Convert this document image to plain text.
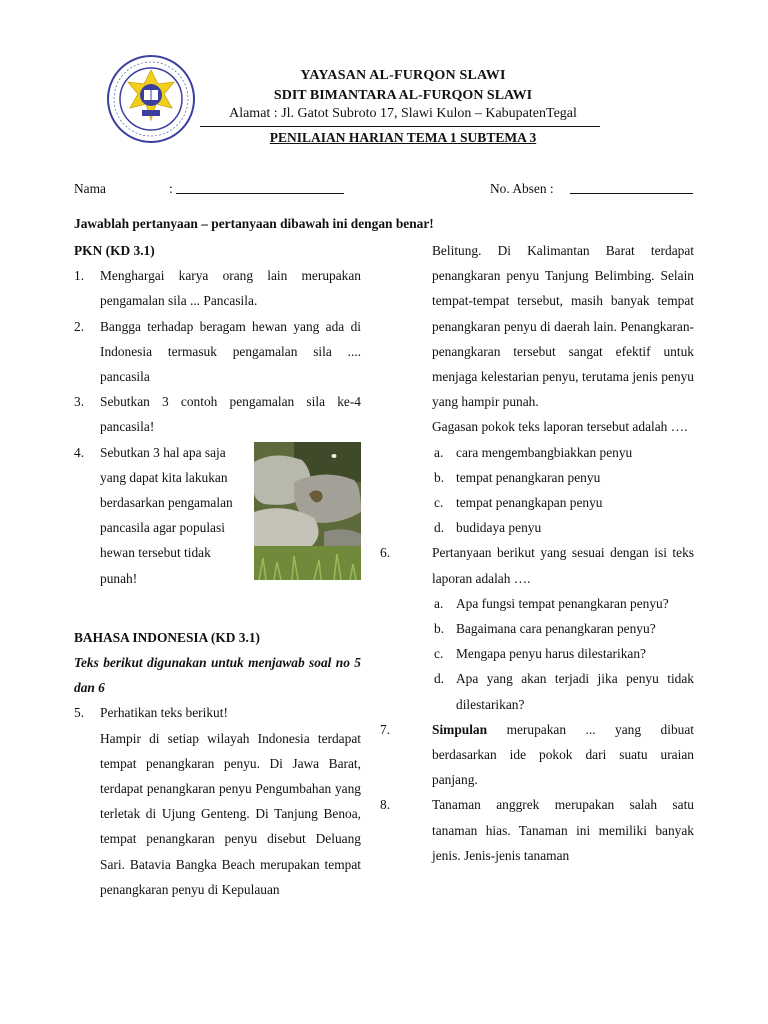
YAYASAN AL-FURQON SLAWI
SDIT BIMANTARA AL-FURQON SLAWI
Alamat : Jl. Gatot Subroto 17, Slawi Kulon – KabupatenTegal
PENILAIAN HARIAN TEMA 1 SUBTEMA 3
Nama	:	No. Absen :
Jawablah pertanyaan – pertanyaan dibawah ini dengan benar!
PKN (KD 3.1)
1. Menghargai karya orang lain merupakan pengamalan sila ... Pancasila.
2. Bangga terhadap beragam hewan yang ada di Indonesia termasuk pengamalan sila .... pancasila
3. Sebutkan 3 contoh pengamalan sila ke-4 pancasila!
4. Sebutkan 3 hal apa saja yang dapat kita lakukan berdasarkan pengamalan pancasila agar populasi hewan tersebut tidak punah!
BAHASA INDONESIA (KD 3.1)
Teks berikut digunakan untuk menjawab soal no 5 dan 6
5. Perhatikan teks berikut!
Hampir di setiap wilayah Indonesia terdapat tempat penangkaran penyu. Di Jawa Barat, terdapat penangkaran penyu Pengumbahan yang terletak di Ujung Genteng. Di Tanjung Benoa, tempat penangkaran penyu disebut Deluang Sari. Batavia Bangka Beach merupakan tempat penangkaran penyu di Kepulauan
Belitung. Di Kalimantan Barat terdapat penangkaran penyu Tanjung Belimbing. Selain tempat-tempat tersebut, masih banyak tempat penangkaran penyu di daerah lain. Penangkaran-penangkaran tersebut sangat efektif untuk menjaga kelestarian penyu, terutama jenis penyu yang hampir punah.
Gagasan pokok teks laporan tersebut adalah ….
a. cara mengembangbiakkan penyu
b. tempat penangkaran penyu
c. tempat penangkapan penyu
d. budidaya penyu
6.	Pertanyaan berikut yang sesuai dengan isi teks laporan adalah ….
a. Apa fungsi tempat penangkaran penyu?
b. Bagaimana cara penangkaran penyu?
c. Mengapa penyu harus dilestarikan?
d. Apa yang akan terjadi jika penyu tidak dilestarikan?
7.	Simpulan merupakan ... yang dibuat berdasarkan ide pokok dari suatu uraian panjang.
8.	Tanaman anggrek merupakan salah satu tanaman hias. Tanaman ini memiliki banyak jenis. Jenis-jenis tanaman
